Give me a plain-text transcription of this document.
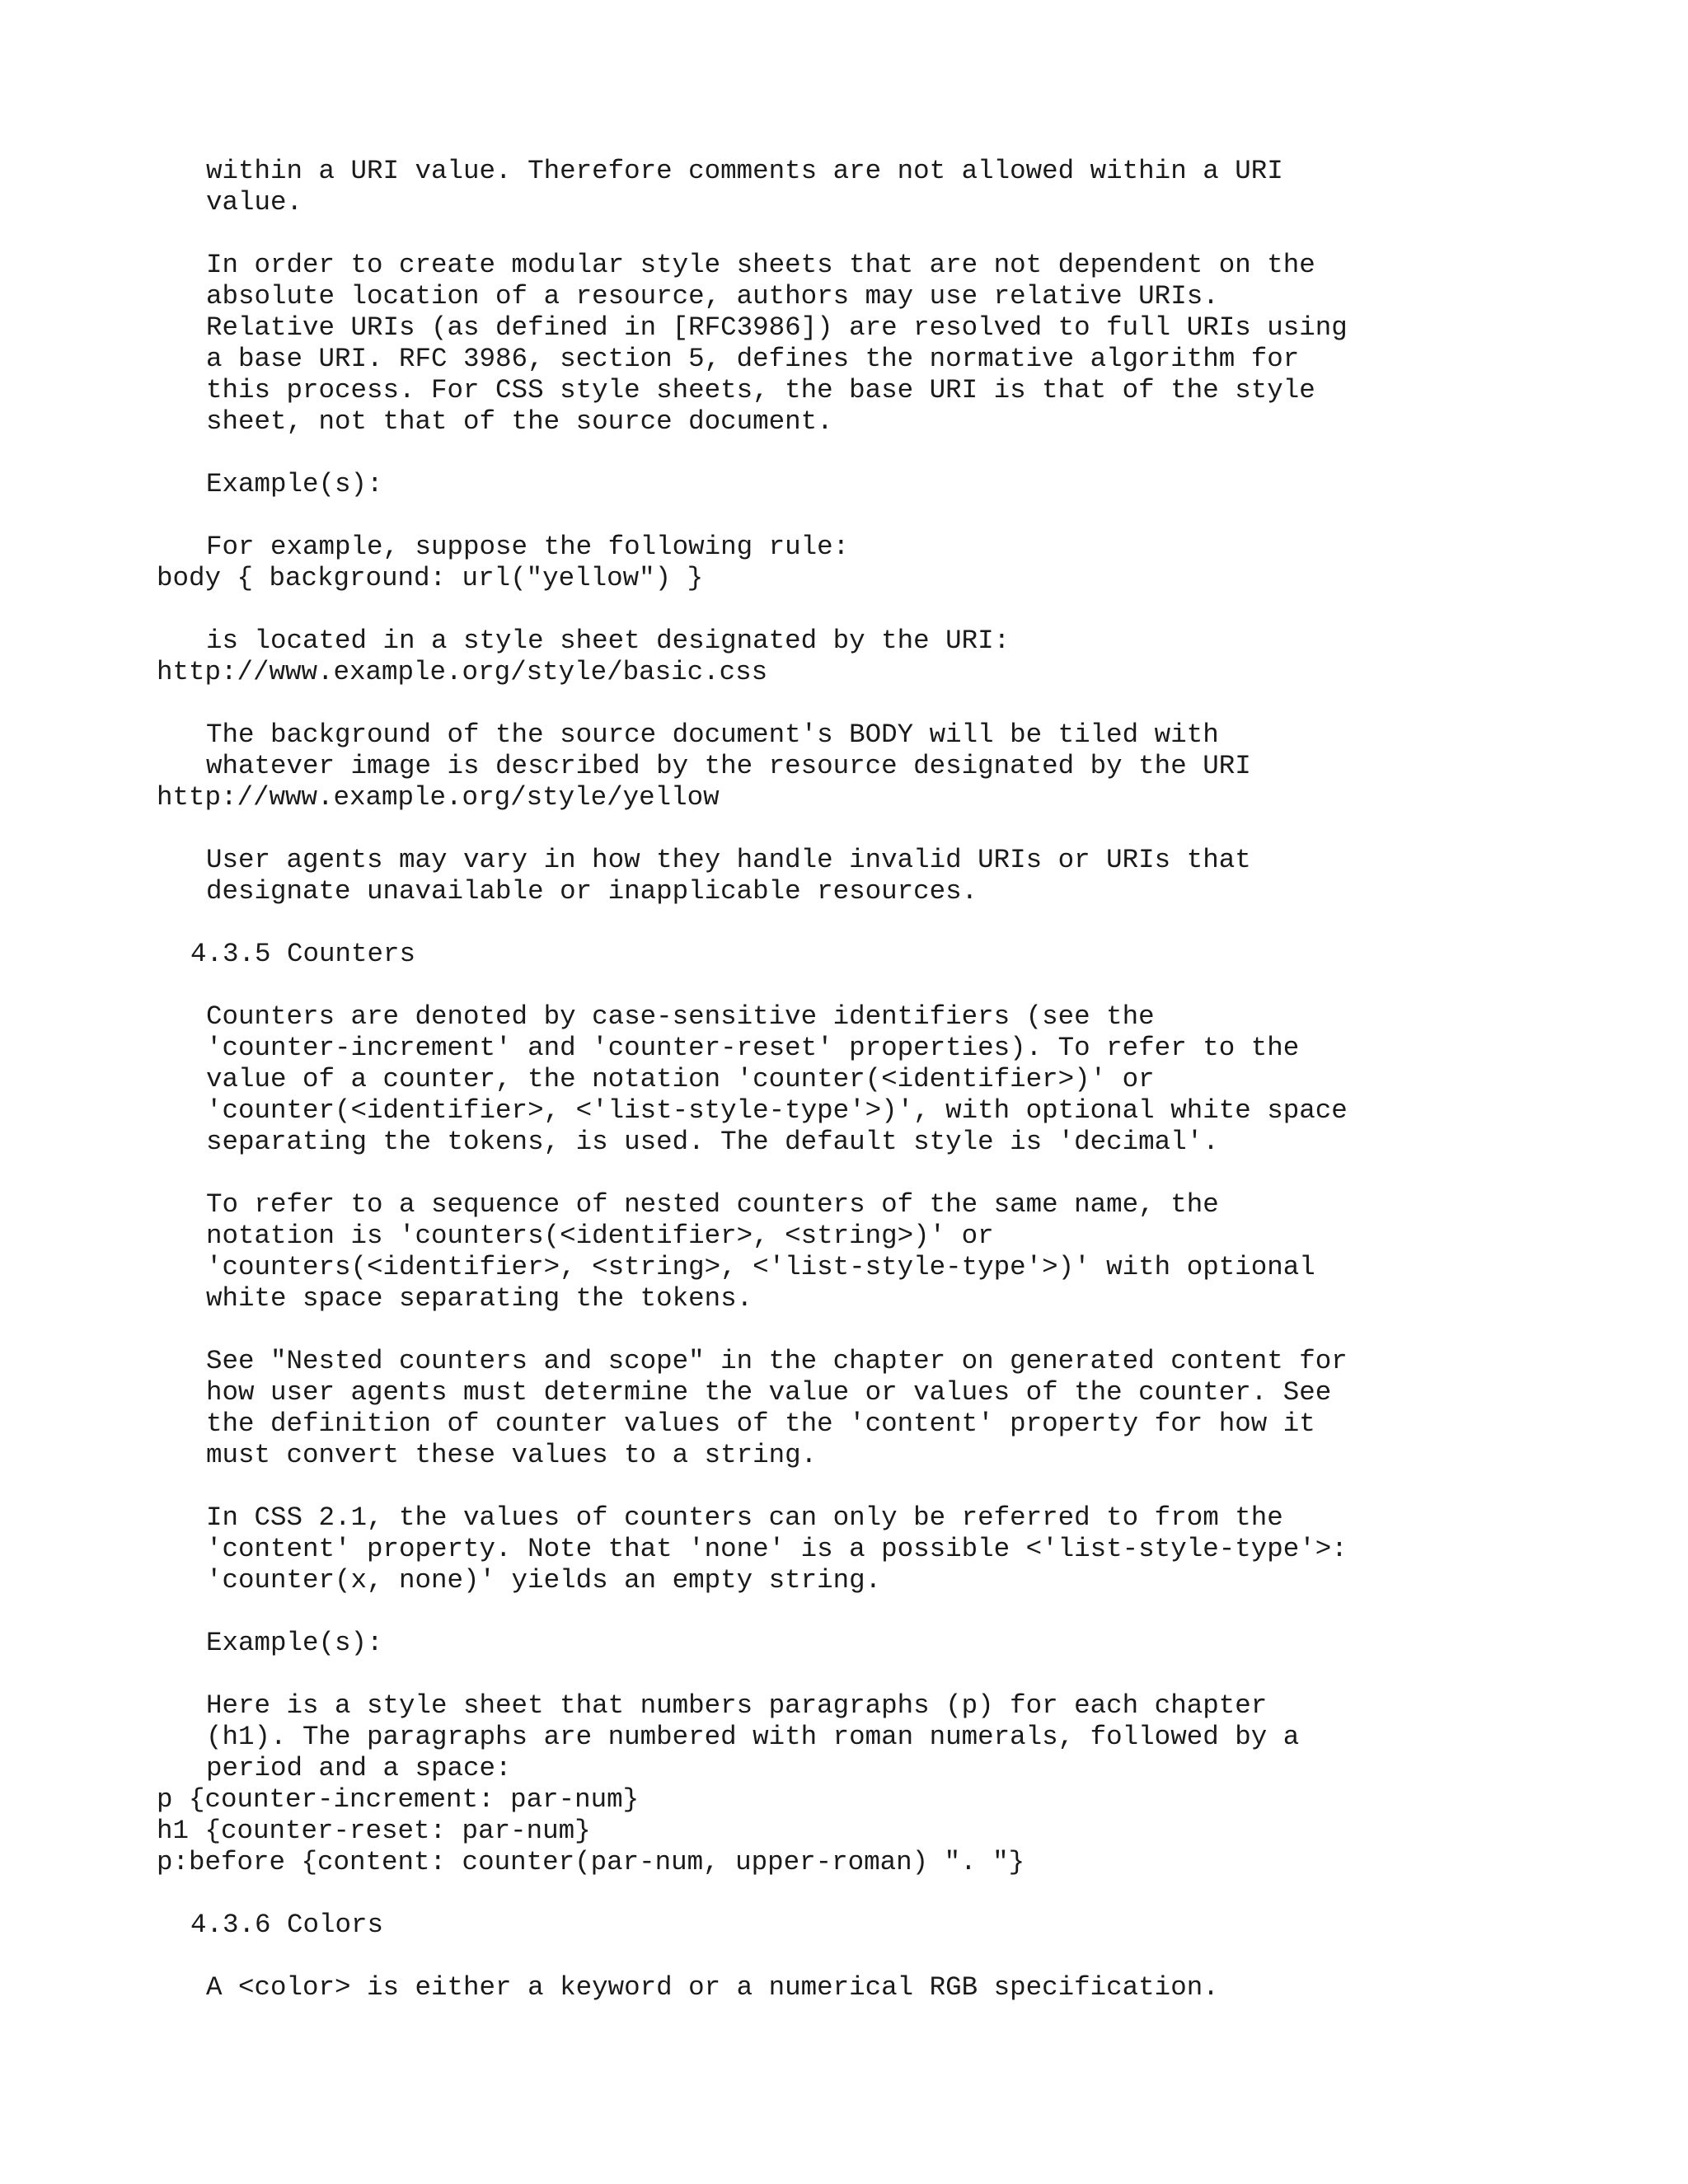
within a URI value. Therefore comments are not allowed within a URI
value.
In order to create modular style sheets that are not dependent on the
absolute location of a resource, authors may use relative URIs.
Relative URIs (as defined in [RFC3986]) are resolved to full URIs using
a base URI. RFC 3986, section 5, defines the normative algorithm for
this process. For CSS style sheets, the base URI is that of the style
sheet, not that of the source document.
Example(s):
For example, suppose the following rule:
body { background: url("yellow") }
is located in a style sheet designated by the URI:
http://www.example.org/style/basic.css
The background of the source document's BODY will be tiled with
whatever image is described by the resource designated by the URI
http://www.example.org/style/yellow
User agents may vary in how they handle invalid URIs or URIs that
designate unavailable or inapplicable resources.
4.3.5 Counters
Counters are denoted by case-sensitive identifiers (see the
'counter-increment' and 'counter-reset' properties). To refer to the
value of a counter, the notation 'counter(<identifier>)' or
'counter(<identifier>, <'list-style-type'>)', with optional white space
separating the tokens, is used. The default style is 'decimal'.
To refer to a sequence of nested counters of the same name, the
notation is 'counters(<identifier>, <string>)' or
'counters(<identifier>, <string>, <'list-style-type'>)' with optional
white space separating the tokens.
See "Nested counters and scope" in the chapter on generated content for
how user agents must determine the value or values of the counter. See
the definition of counter values of the 'content' property for how it
must convert these values to a string.
In CSS 2.1, the values of counters can only be referred to from the
'content' property. Note that 'none' is a possible <'list-style-type'>:
'counter(x, none)' yields an empty string.
Example(s):
Here is a style sheet that numbers paragraphs (p) for each chapter
(h1). The paragraphs are numbered with roman numerals, followed by a
period and a space:
p {counter-increment: par-num}
h1 {counter-reset: par-num}
p:before {content: counter(par-num, upper-roman) ". "}
4.3.6 Colors
A <color> is either a keyword or a numerical RGB specification.
